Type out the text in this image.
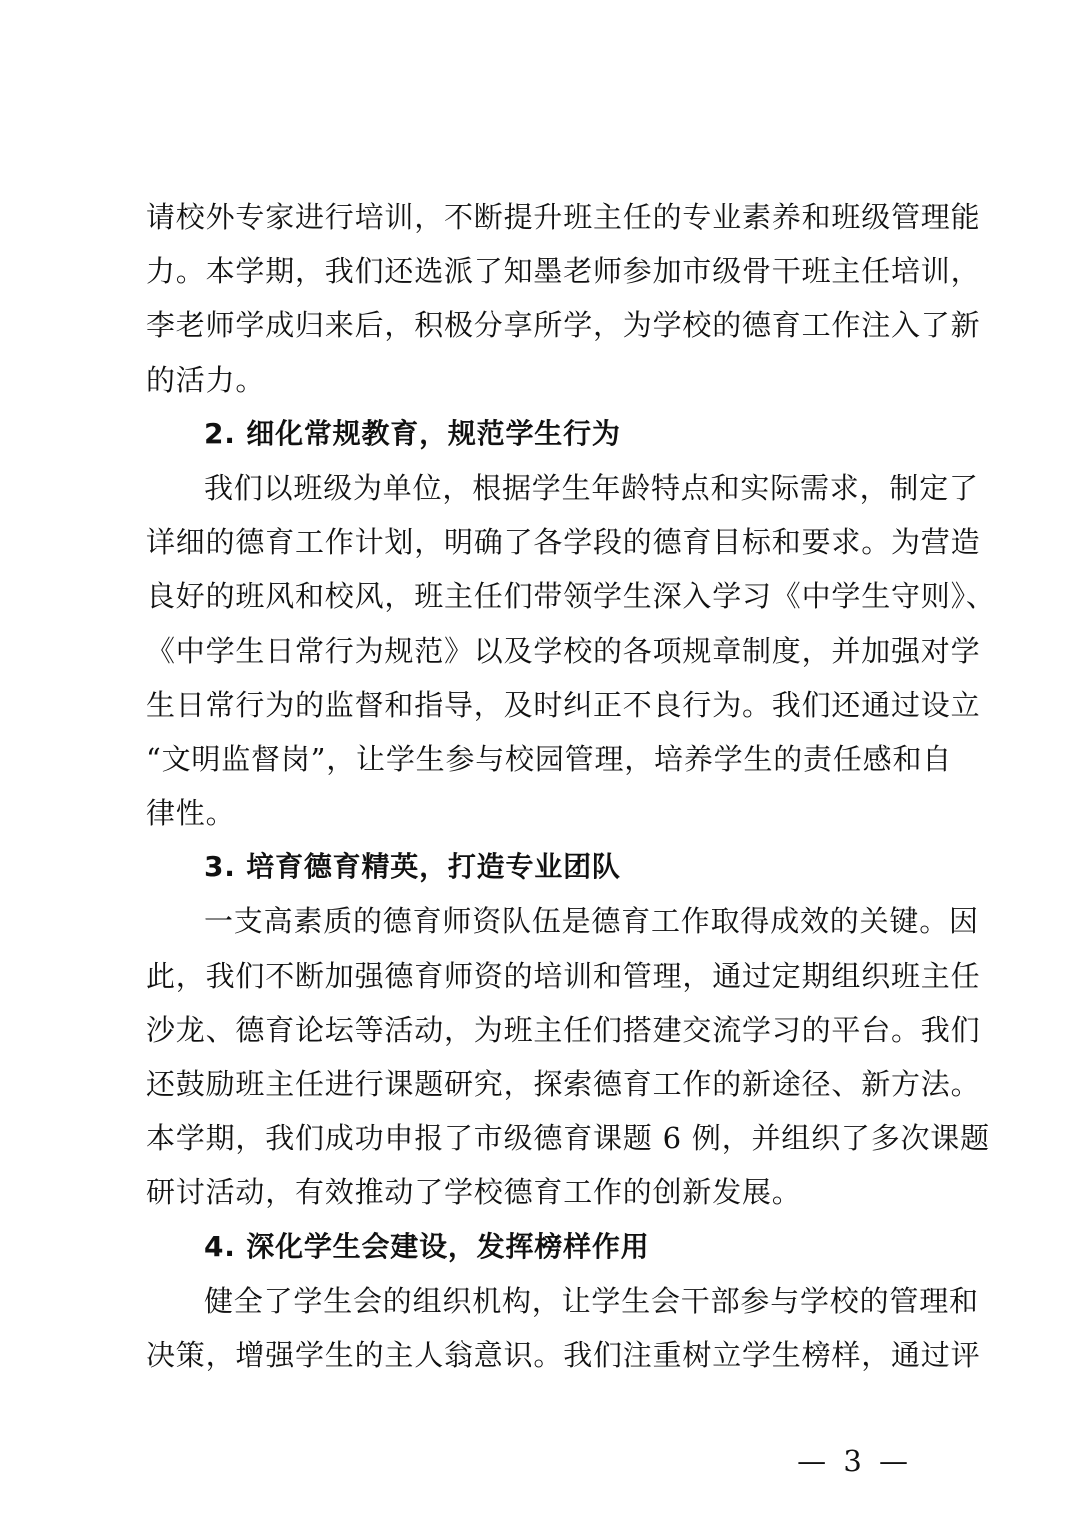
请校外专家进行培训，不断提升班主任的专业素养和班级管理能
力。本学期，我们还选派了知墨老师参加市级骨干班主任培训，
李老师学成归来后，积极分享所学，为学校的德育工作注入了新
的活力。
2. 细化常规教育，规范学生行为
我们以班级为单位，根据学生年龄特点和实际需求，制定了
详细的德育工作计划，明确了各学段的德育目标和要求。为营造
良好的班风和校风，班主任们带领学生深入学习《中学生守则》、
《中学生日常行为规范》以及学校的各项规章制度，并加强对学
生日常行为的监督和指导，及时纠正不良行为。我们还通过设立
“文明监督岗”，让学生参与校园管理，培养学生的责任感和自
律性。
3. 培育德育精英，打造专业团队
一支高素质的德育师资队伍是德育工作取得成效的关键。因
此，我们不断加强德育师资的培训和管理，通过定期组织班主任
沙龙、德育论坛等活动，为班主任们搭建交流学习的平台。我们
还鼓励班主任进行课题研究，探索德育工作的新途径、新方法。
本学期，我们成功申报了市级德育课题 6 例，并组织了多次课题
研讨活动，有效推动了学校德育工作的创新发展。
4. 深化学生会建设，发挥榜样作用
健全了学生会的组织机构，让学生会干部参与学校的管理和
决策，增强学生的主人翁意识。我们注重树立学生榜样，通过评
— 3 —
